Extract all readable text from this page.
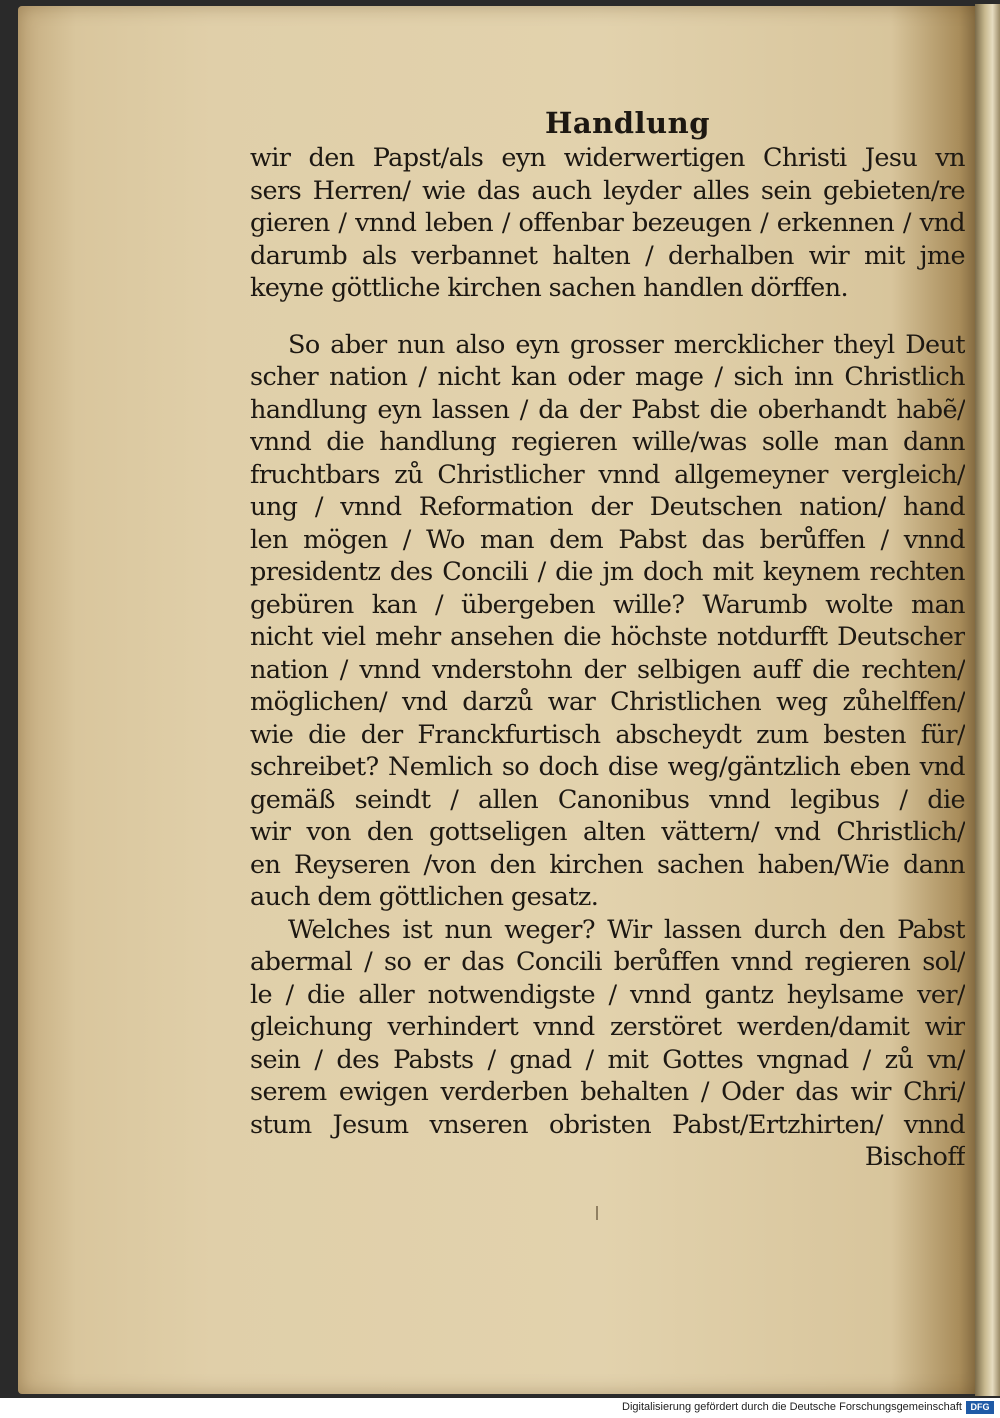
Handlung
wir den Papst/als eyn widerwertigen Christi Jesu vn
sers Herren/ wie das auch leyder alles sein gebieten/re
gieren / vnnd leben / offenbar bezeugen / erkennen / vnd
darumb als verbannet halten / derhalben wir mit jme
keyne göttliche kirchen sachen handlen dörffen.
So aber nun also eyn grosser mercklicher theyl Deut
scher nation / nicht kan oder mage / sich inn Christlich
handlung eyn lassen / da der Pabst die oberhandt habẽ/
vnnd die handlung regieren wille/was solle man dann
fruchtbars zů Christlicher vnnd allgemeyner vergleich/
ung / vnnd Reformation der Deutschen nation/ hand
len mögen / Wo man dem Pabst das berůffen / vnnd
presidentz des Concili / die jm doch mit keynem rechten
gebüren kan / übergeben wille? Warumb wolte man
nicht viel mehr ansehen die höchste notdurfft Deutscher
nation / vnnd vnderstohn der selbigen auff die rechten/
möglichen/ vnd darzů war Christlichen weg zůhelffen/
wie die der Franckfurtisch abscheydt zum besten für/
schreibet? Nemlich so doch dise weg/gäntzlich eben vnd
gemäß seindt / allen Canonibus vnnd legibus / die
wir von den gottseligen alten vättern/ vnd Christlich/
en Reyseren /von den kirchen sachen haben/Wie dann
auch dem göttlichen gesatz.
Welches ist nun weger? Wir lassen durch den Pabst
abermal / so er das Concili berůffen vnnd regieren sol/
le / die aller notwendigste / vnnd gantz heylsame ver/
gleichung verhindert vnnd zerstöret werden/damit wir
sein / des Pabsts / gnad / mit Gottes vngnad / zů vn/
serem ewigen verderben behalten / Oder das wir Chri/
stum Jesum vnseren obristen Pabst/Ertzhirten/ vnnd
Bischoff
Digitalisierung gefördert durch die Deutsche Forschungsgemeinschaft DFG
